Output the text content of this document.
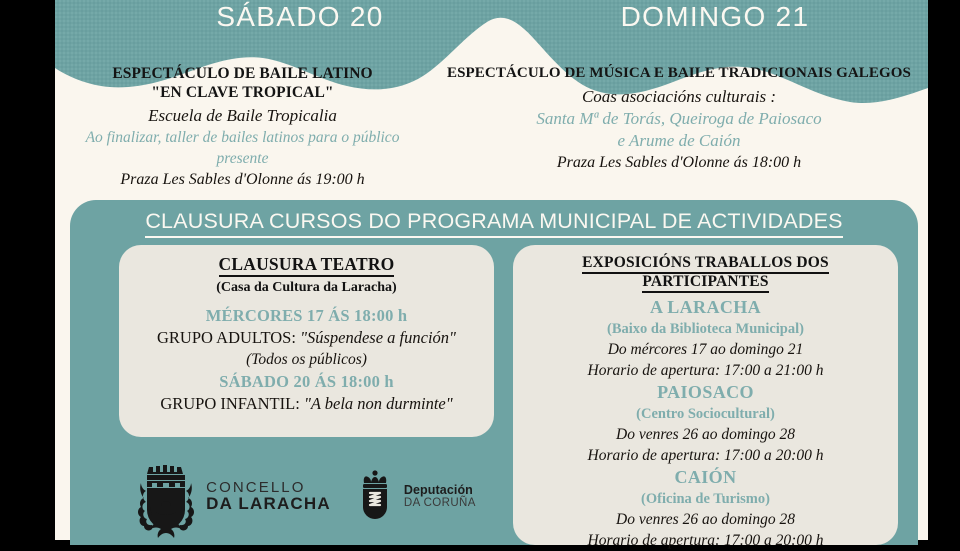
SÁBADO 20	DOMINGO 21
ESPECTÁCULO DE BAILE LATINO
"EN CLAVE TROPICAL"
Escuela de Baile Tropicalia
Ao finalizar, taller de bailes latinos para o público presente
Praza Les Sables d'Olonne ás 19:00 h
ESPECTÁCULO DE MÚSICA E BAILE TRADICIONAIS GALEGOS
Coas asociacións culturais :
Santa Mª de Torás, Queiroga de Paiosaco
e Arume de Caión
Praza Les Sables d'Olonne ás 18:00 h
CLAUSURA CURSOS DO PROGRAMA MUNICIPAL DE ACTIVIDADES
CLAUSURA TEATRO
(Casa da Cultura da Laracha)
MÉRCORES 17 ÁS 18:00 h
GRUPO ADULTOS: "Súspendese a función"
(Todos os públicos)
SÁBADO 20 ÁS 18:00 h
GRUPO INFANTIL: "A bela non durminte"
EXPOSICIÓNS TRABALLOS DOS PARTICIPANTES
A LARACHA
(Baixo da Biblioteca Municipal)
Do mércores 17 ao domingo 21
Horario de apertura: 17:00 a 21:00 h
PAIOSACO
(Centro Sociocultural)
Do venres 26 ao domingo 28
Horario de apertura: 17:00 a 20:00 h
CAIÓN
(Oficina de Turismo)
Do venres 26 ao domingo 28
Horario de apertura: 17:00 a 20:00 h
CONCELLO
DA LARACHA
Deputación
DA CORUÑA
